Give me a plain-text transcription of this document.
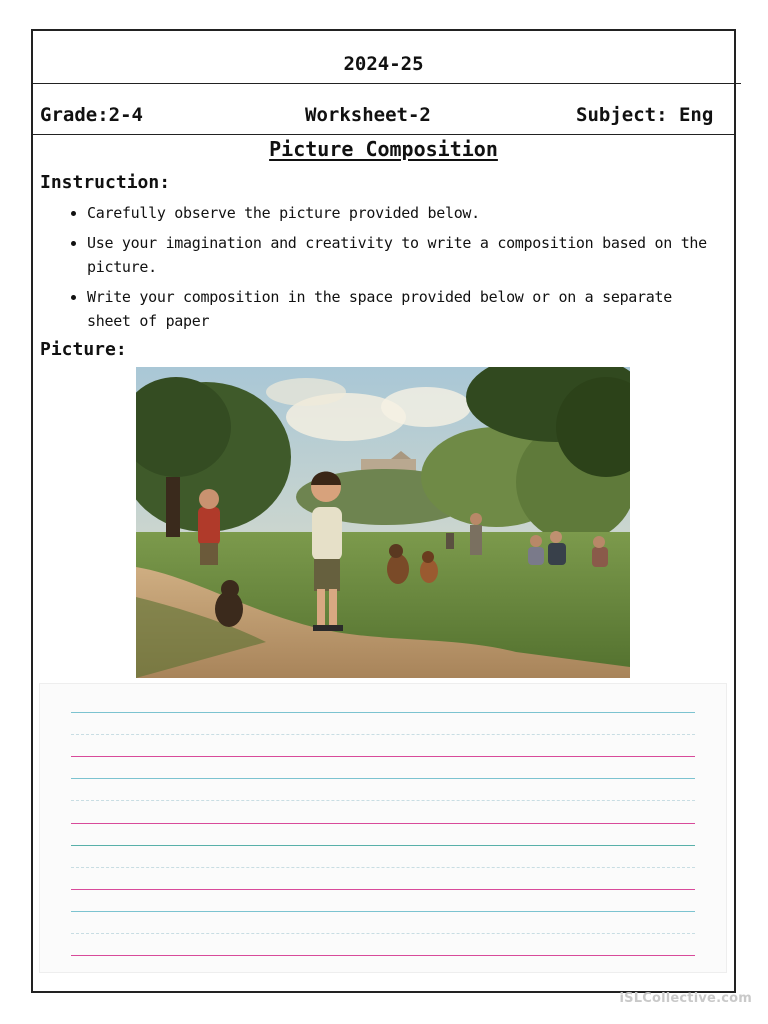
2024-25
Grade:2-4	Worksheet-2	Subject: Eng
Picture Composition
Instruction:
• Carefully observe the picture provided below.
• Use your imagination and creativity to write a composition based on the picture.
• Write your composition in the space provided below or on a separate sheet of paper
Picture:
iSLCollective.com
